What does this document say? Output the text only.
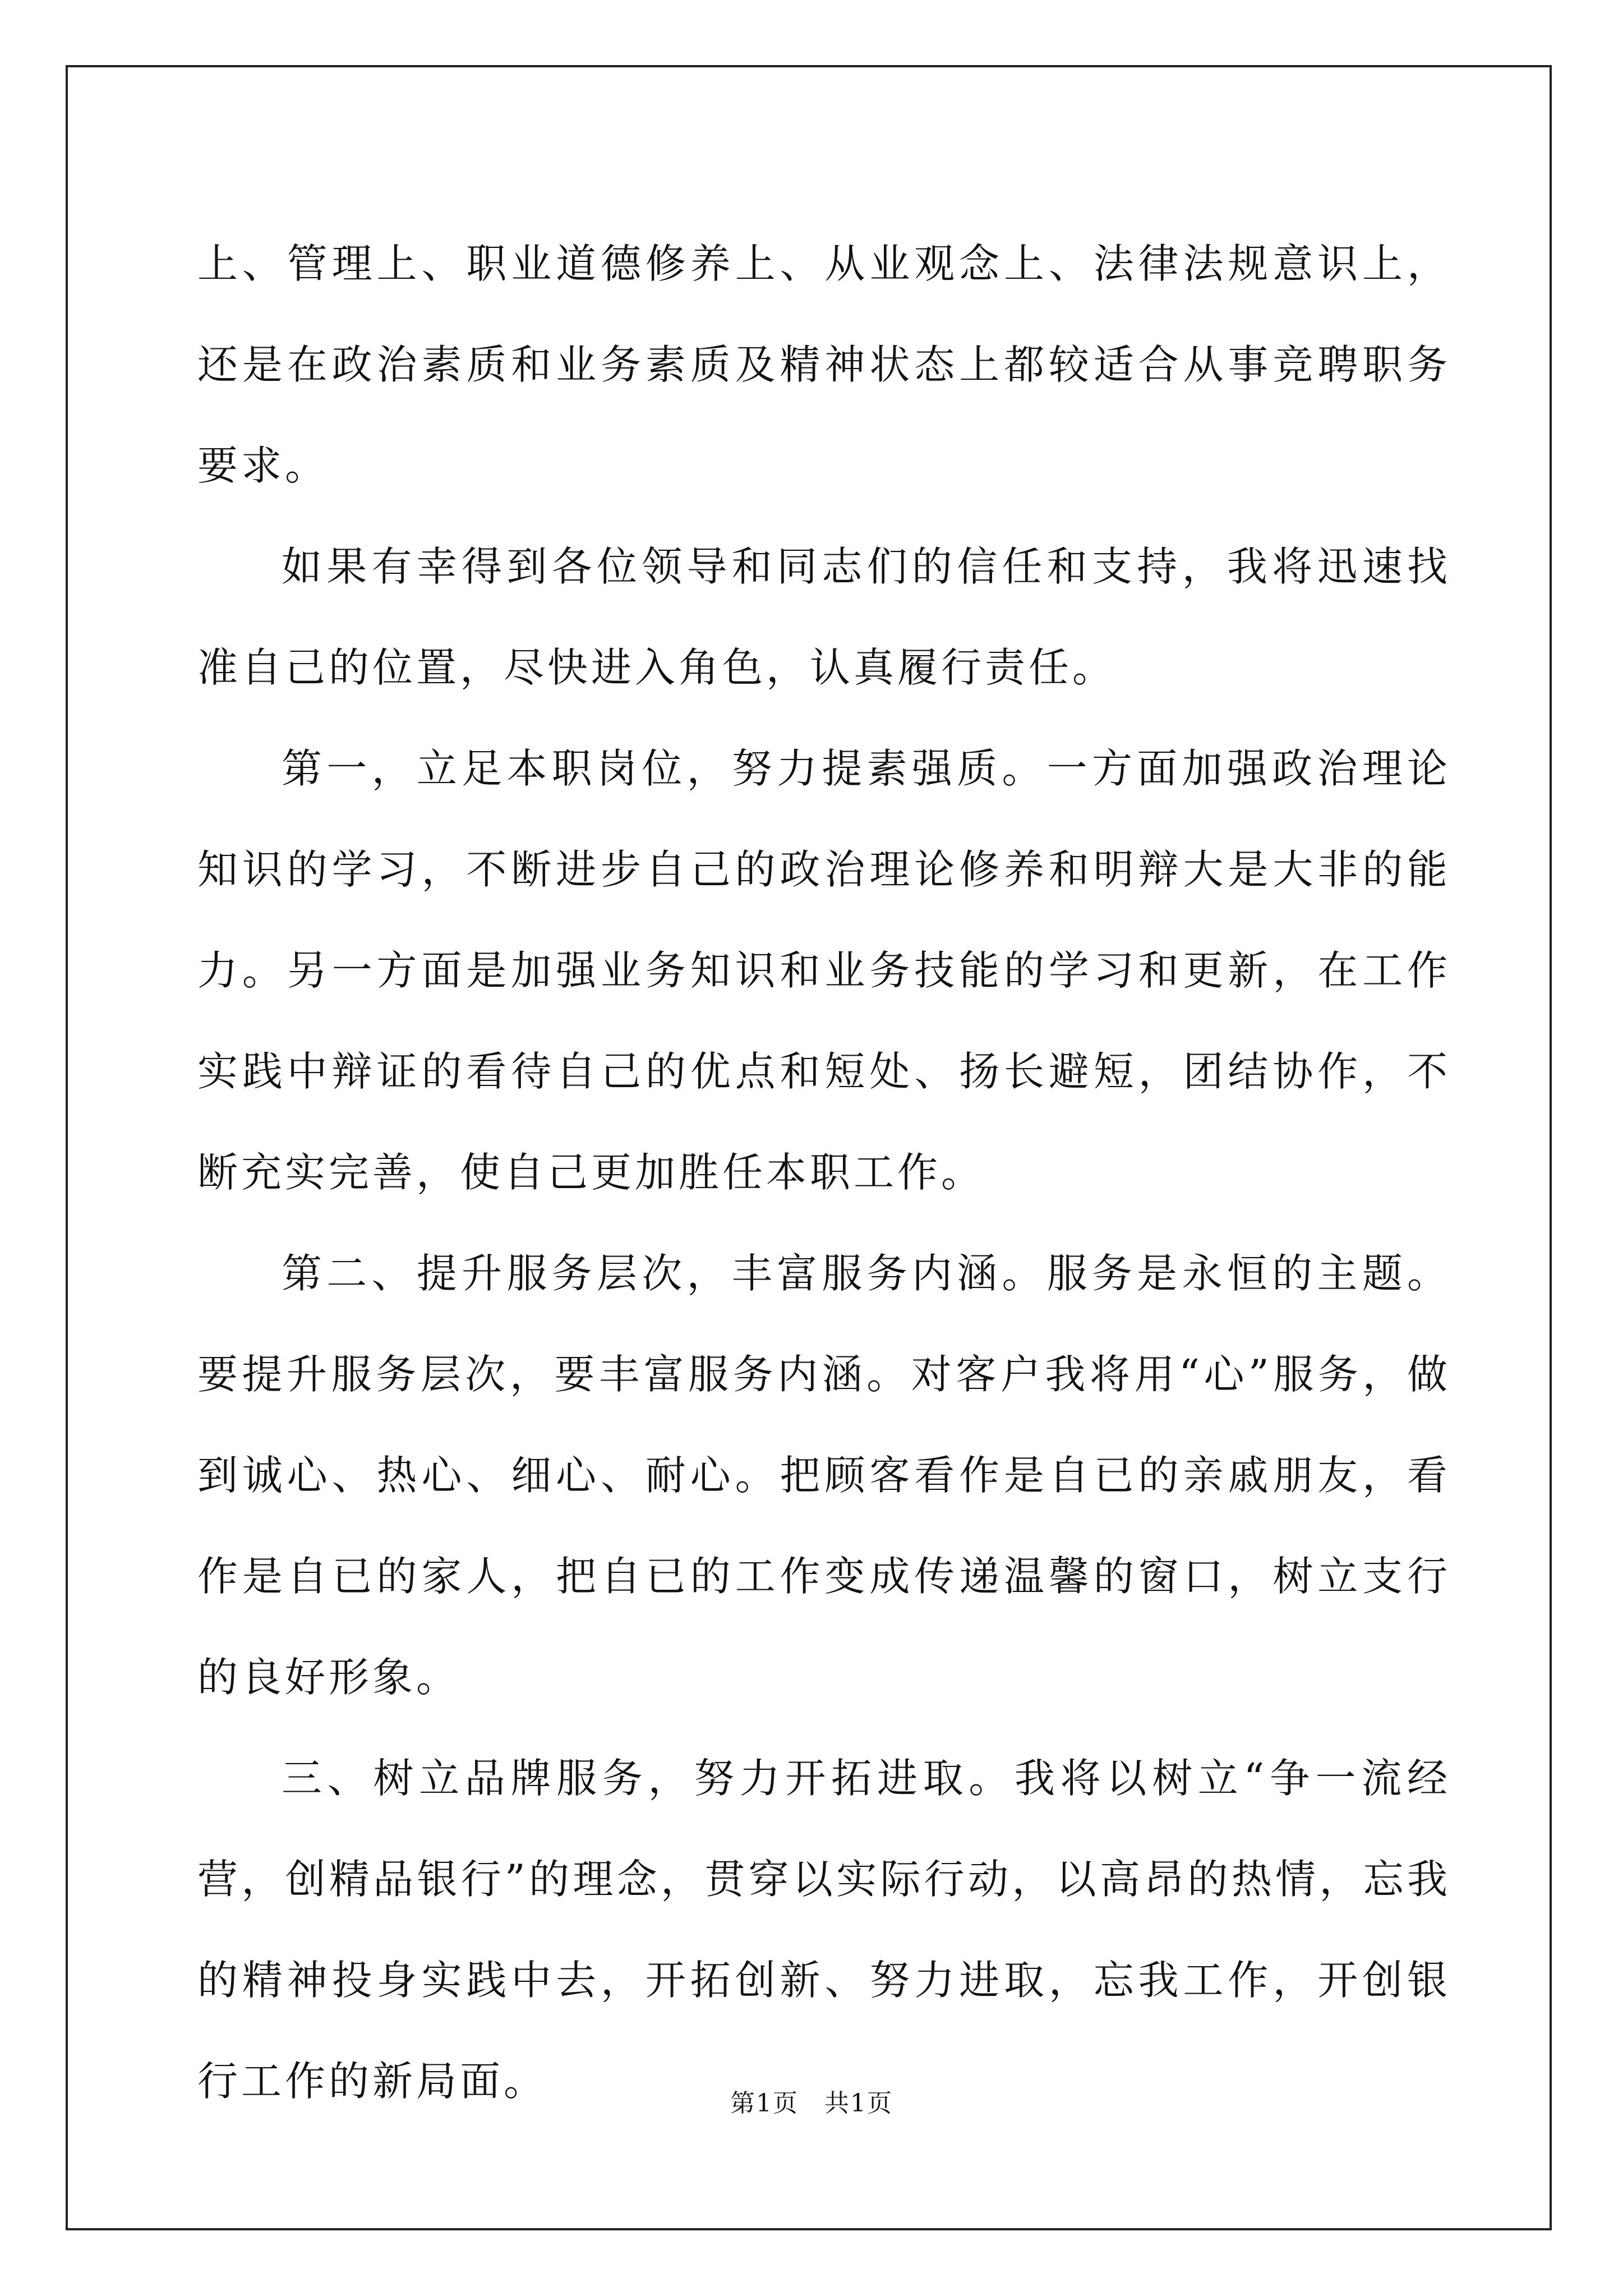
上、管理上、职业道德修养上、从业观念上、法律法规意识上，还是在政治素质和业务素质及精神状态上都较适合从事竞聘职务要求。

如果有幸得到各位领导和同志们的信任和支持，我将迅速找准自己的位置，尽快进入角色，认真履行责任。

第一，立足本职岗位，努力提素强质。一方面加强政治理论知识的学习，不断进步自己的政治理论修养和明辩大是大非的能力。另一方面是加强业务知识和业务技能的学习和更新，在工作实践中辩证的看待自己的优点和短处、扬长避短，团结协作，不断充实完善，使自己更加胜任本职工作。

第二、提升服务层次，丰富服务内涵。服务是永恒的主题。要提升服务层次，要丰富服务内涵。对客户我将用“心”服务，做到诚心、热心、细心、耐心。把顾客看作是自已的亲戚朋友，看作是自已的家人，把自已的工作变成传递温馨的窗口，树立支行的良好形象。

三、树立品牌服务，努力开拓进取。我将以树立“争一流经营，创精品银行”的理念，贯穿以实际行动，以高昂的热情，忘我的精神投身实践中去，开拓创新、努力进取，忘我工作，开创银行工作的新局面。	第1页　共1页
